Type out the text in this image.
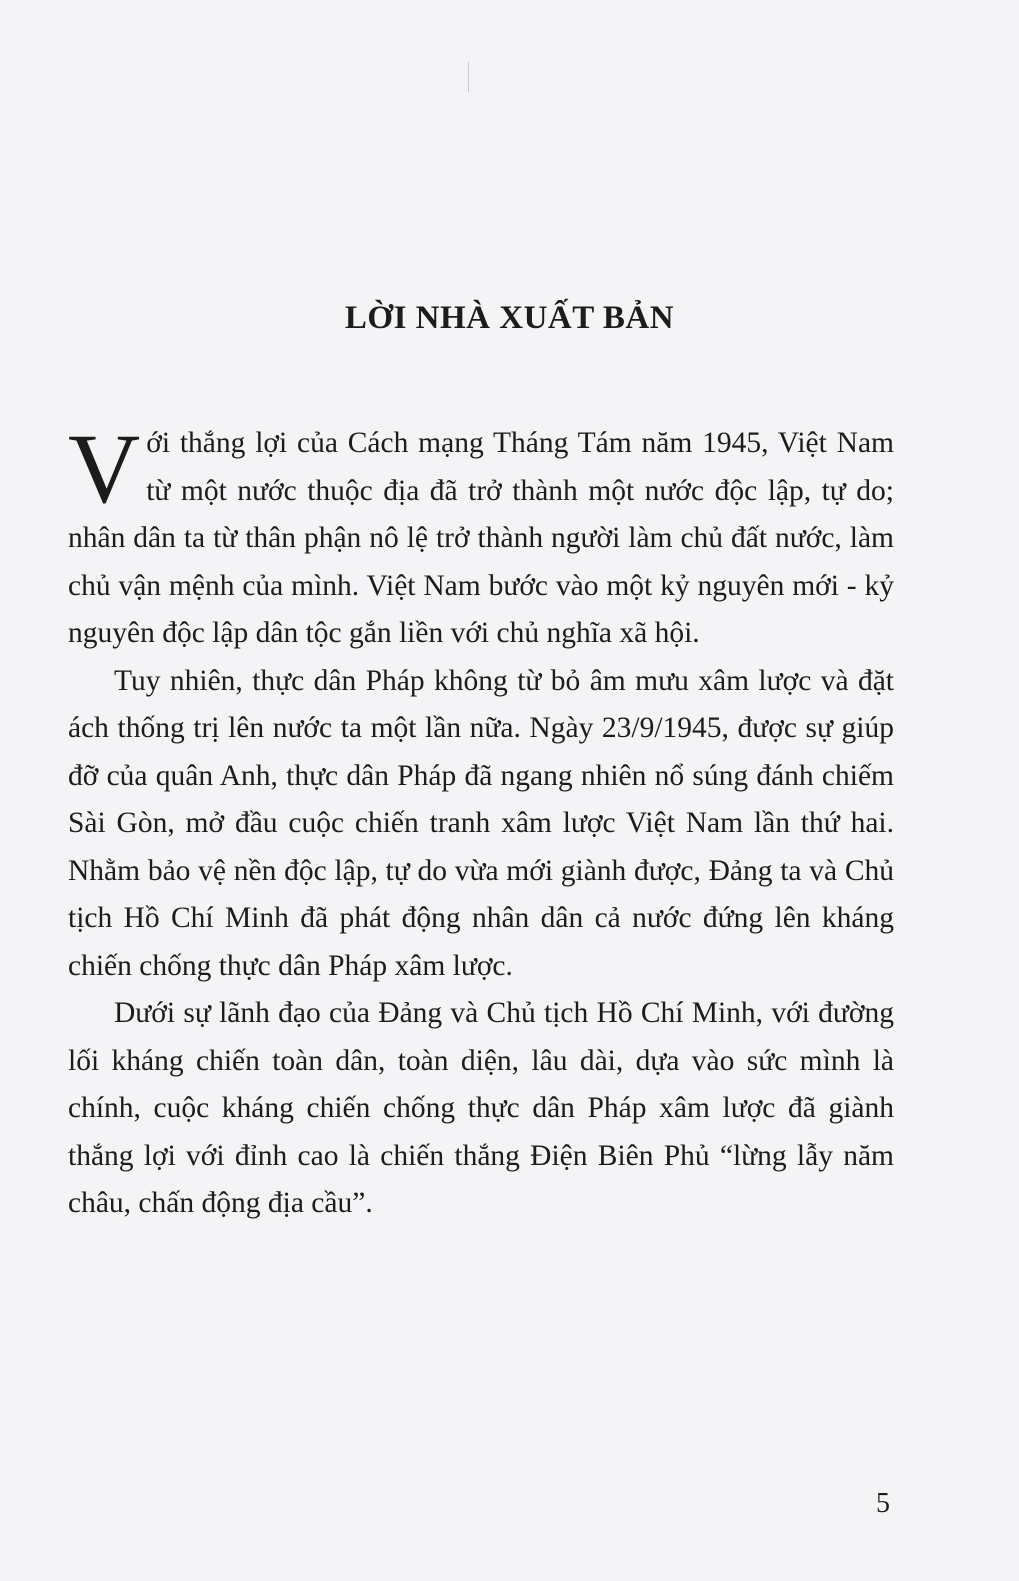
LỜI NHÀ XUẤT BẢN

Với thắng lợi của Cách mạng Tháng Tám năm 1945, Việt Nam từ một nước thuộc địa đã trở thành một nước độc lập, tự do; nhân dân ta từ thân phận nô lệ trở thành người làm chủ đất nước, làm chủ vận mệnh của mình. Việt Nam bước vào một kỷ nguyên mới - kỷ nguyên độc lập dân tộc gắn liền với chủ nghĩa xã hội.

Tuy nhiên, thực dân Pháp không từ bỏ âm mưu xâm lược và đặt ách thống trị lên nước ta một lần nữa. Ngày 23/9/1945, được sự giúp đỡ của quân Anh, thực dân Pháp đã ngang nhiên nổ súng đánh chiếm Sài Gòn, mở đầu cuộc chiến tranh xâm lược Việt Nam lần thứ hai. Nhằm bảo vệ nền độc lập, tự do vừa mới giành được, Đảng ta và Chủ tịch Hồ Chí Minh đã phát động nhân dân cả nước đứng lên kháng chiến chống thực dân Pháp xâm lược.

Dưới sự lãnh đạo của Đảng và Chủ tịch Hồ Chí Minh, với đường lối kháng chiến toàn dân, toàn diện, lâu dài, dựa vào sức mình là chính, cuộc kháng chiến chống thực dân Pháp xâm lược đã giành thắng lợi với đỉnh cao là chiến thắng Điện Biên Phủ “lừng lẫy năm châu, chấn động địa cầu”.

5
